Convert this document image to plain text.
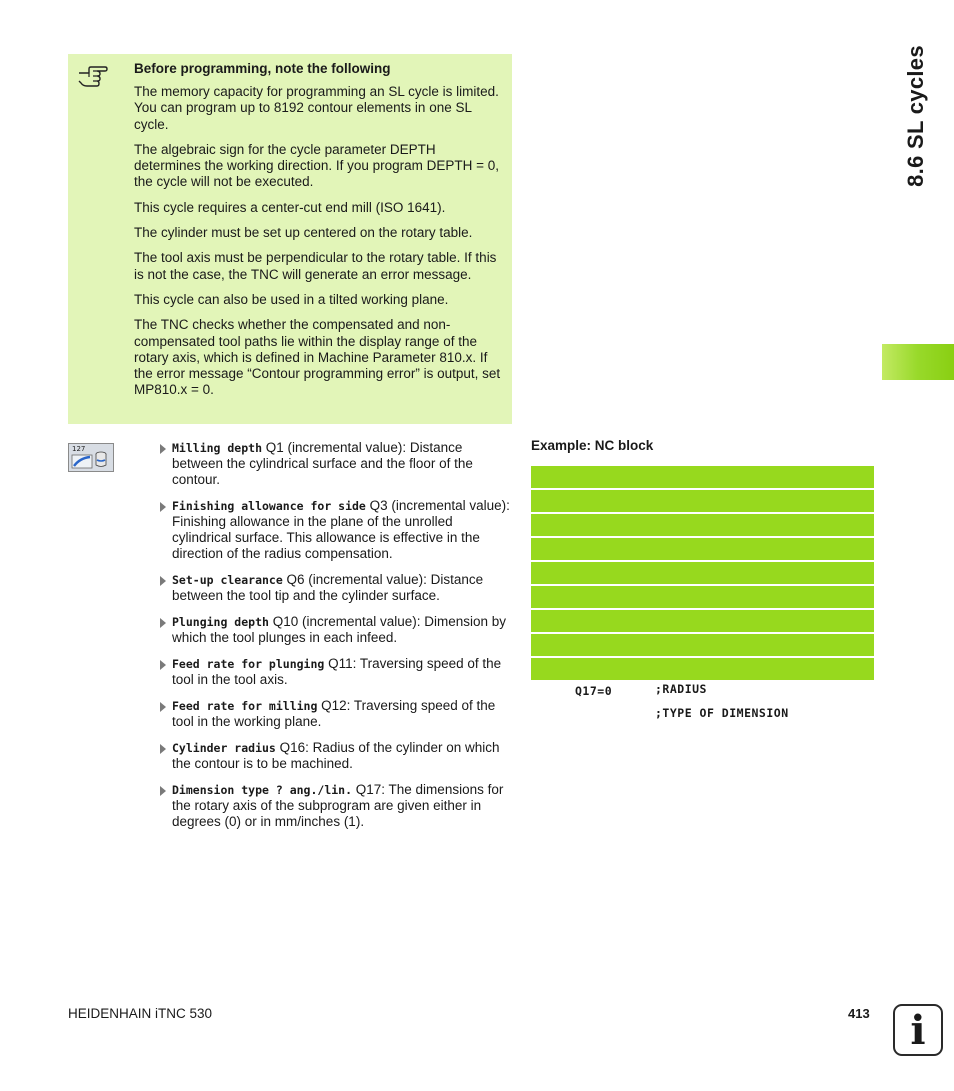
Before programming, note the following

The memory capacity for programming an SL cycle is limited. You can program up to 8192 contour elements in one SL cycle.

The algebraic sign for the cycle parameter DEPTH determines the working direction. If you program DEPTH = 0, the cycle will not be executed.

This cycle requires a center-cut end mill (ISO 1641).

The cylinder must be set up centered on the rotary table.

The tool axis must be perpendicular to the rotary table. If this is not the case, the TNC will generate an error message.

This cycle can also be used in a tilted working plane.

The TNC checks whether the compensated and non-compensated tool paths lie within the display range of the rotary axis, which is defined in Machine Parameter 810.x. If the error message “Contour programming error” is output, set MP810.x = 0.

8.6 SL cycles
127	Milling depth Q1 (incremental value): Distance between the cylindrical surface and the floor of the contour.
Finishing allowance for side Q3 (incremental value): Finishing allowance in the plane of the unrolled cylindrical surface. This allowance is effective in the direction of the radius compensation.
Set-up clearance Q6 (incremental value): Distance between the tool tip and the cylinder surface.
Plunging depth Q10 (incremental value): Dimension by which the tool plunges in each infeed.
Feed rate for plunging Q11: Traversing speed of the tool in the tool axis.
Feed rate for milling Q12: Traversing speed of the tool in the working plane.
Cylinder radius Q16: Radius of the cylinder on which the contour is to be machined.
Dimension type ? ang./lin. Q17: The dimensions for the rotary axis of the subprogram are given either in degrees (0) or in mm/inches (1).
Example: NC block

;RADIUS

Q17=0

;TYPE OF DIMENSION

HEIDENHAIN iTNC 530	413	i
